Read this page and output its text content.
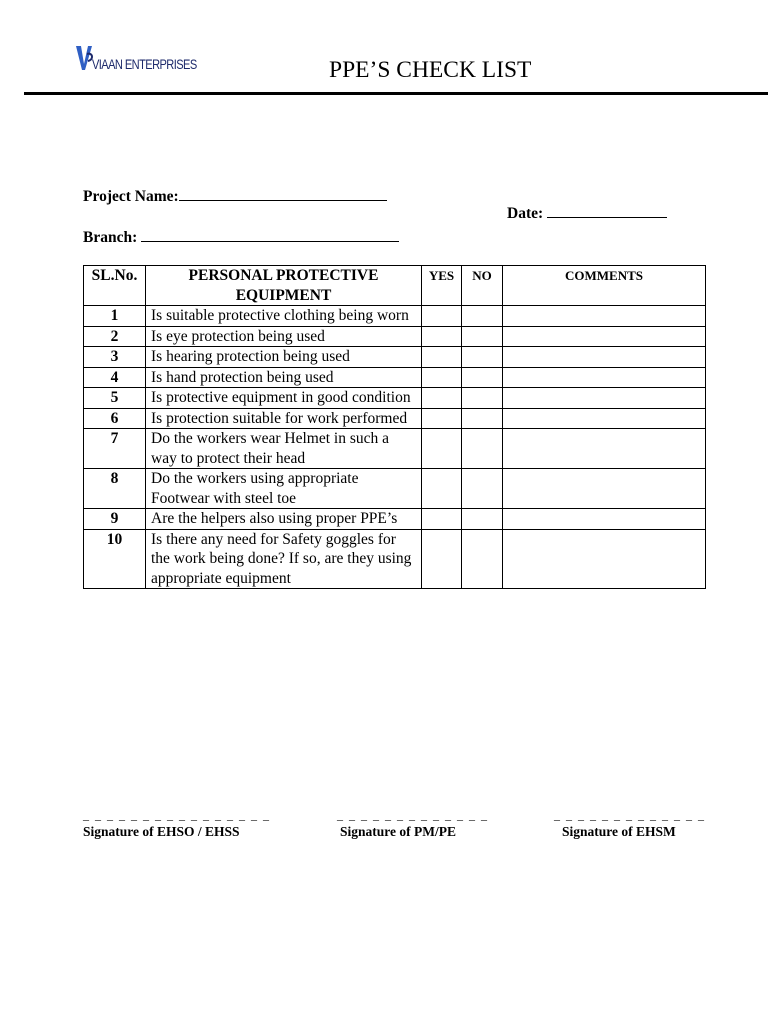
VIAAN ENTERPRISES	PPE’S CHECK LIST
Project Name:
Date:
Branch:
SL.No.	PERSONAL PROTECTIVE EQUIPMENT	YES	NO	COMMENTS
1	Is suitable protective clothing being worn			
2	Is eye protection being used			
3	Is hearing protection being used			
4	Is hand protection being used			
5	Is protective equipment in good condition			
6	Is protection suitable for work performed			
7	Do the workers wear Helmet in such a way to protect their head			
8	Do the workers using appropriate Footwear with steel toe			
9	Are the helpers also using proper PPE’s			
10	Is there any need for Safety goggles for the work being done? If so, are they using appropriate equipment			
_ _ _ _ _ _ _ _ _ _ _ _ _ _ _ _
Signature of EHSO / EHSS
_ _ _ _ _ _ _ _ _ _ _ _ _
Signature of PM/PE
_ _ _ _ _ _ _ _ _ _ _ _ _
Signature of EHSM
